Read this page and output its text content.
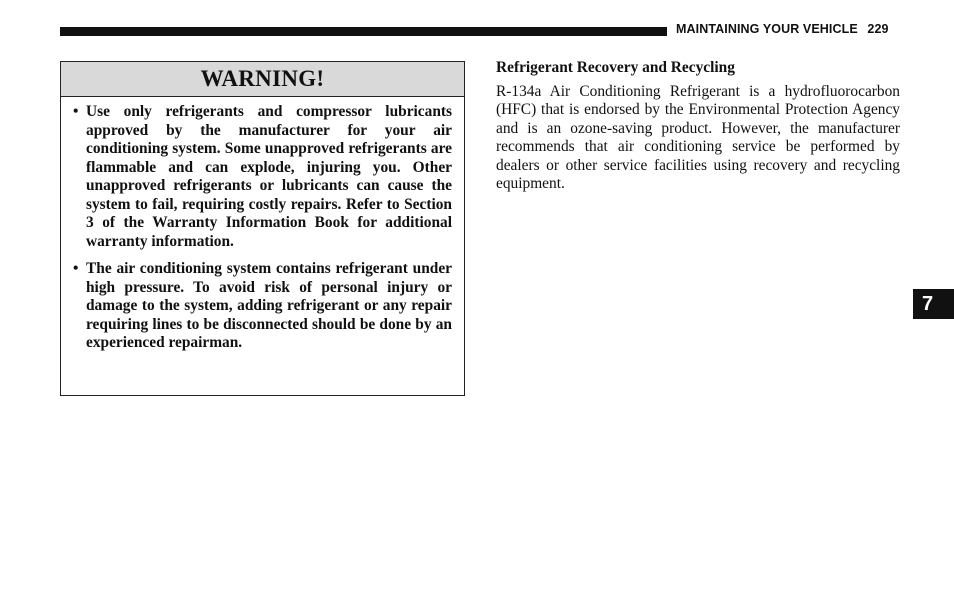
MAINTAINING YOUR VEHICLE 229
WARNING!
• Use only refrigerants and compressor lubricants approved by the manufacturer for your air conditioning system. Some unapproved refrigerants are flammable and can explode, injuring you. Other unapproved refrigerants or lubricants can cause the system to fail, requiring costly repairs. Refer to Section 3 of the Warranty Information Book for additional warranty information.
• The air conditioning system contains refrigerant under high pressure. To avoid risk of personal injury or damage to the system, adding refrigerant or any repair requiring lines to be disconnected should be done by an experienced repairman.
Refrigerant Recovery and Recycling

R-134a Air Conditioning Refrigerant is a hydrofluorocarbon (HFC) that is endorsed by the Environmental Protection Agency and is an ozone-saving product. However, the manufacturer recommends that air conditioning service be performed by dealers or other service facilities using recovery and recycling equipment.

7
